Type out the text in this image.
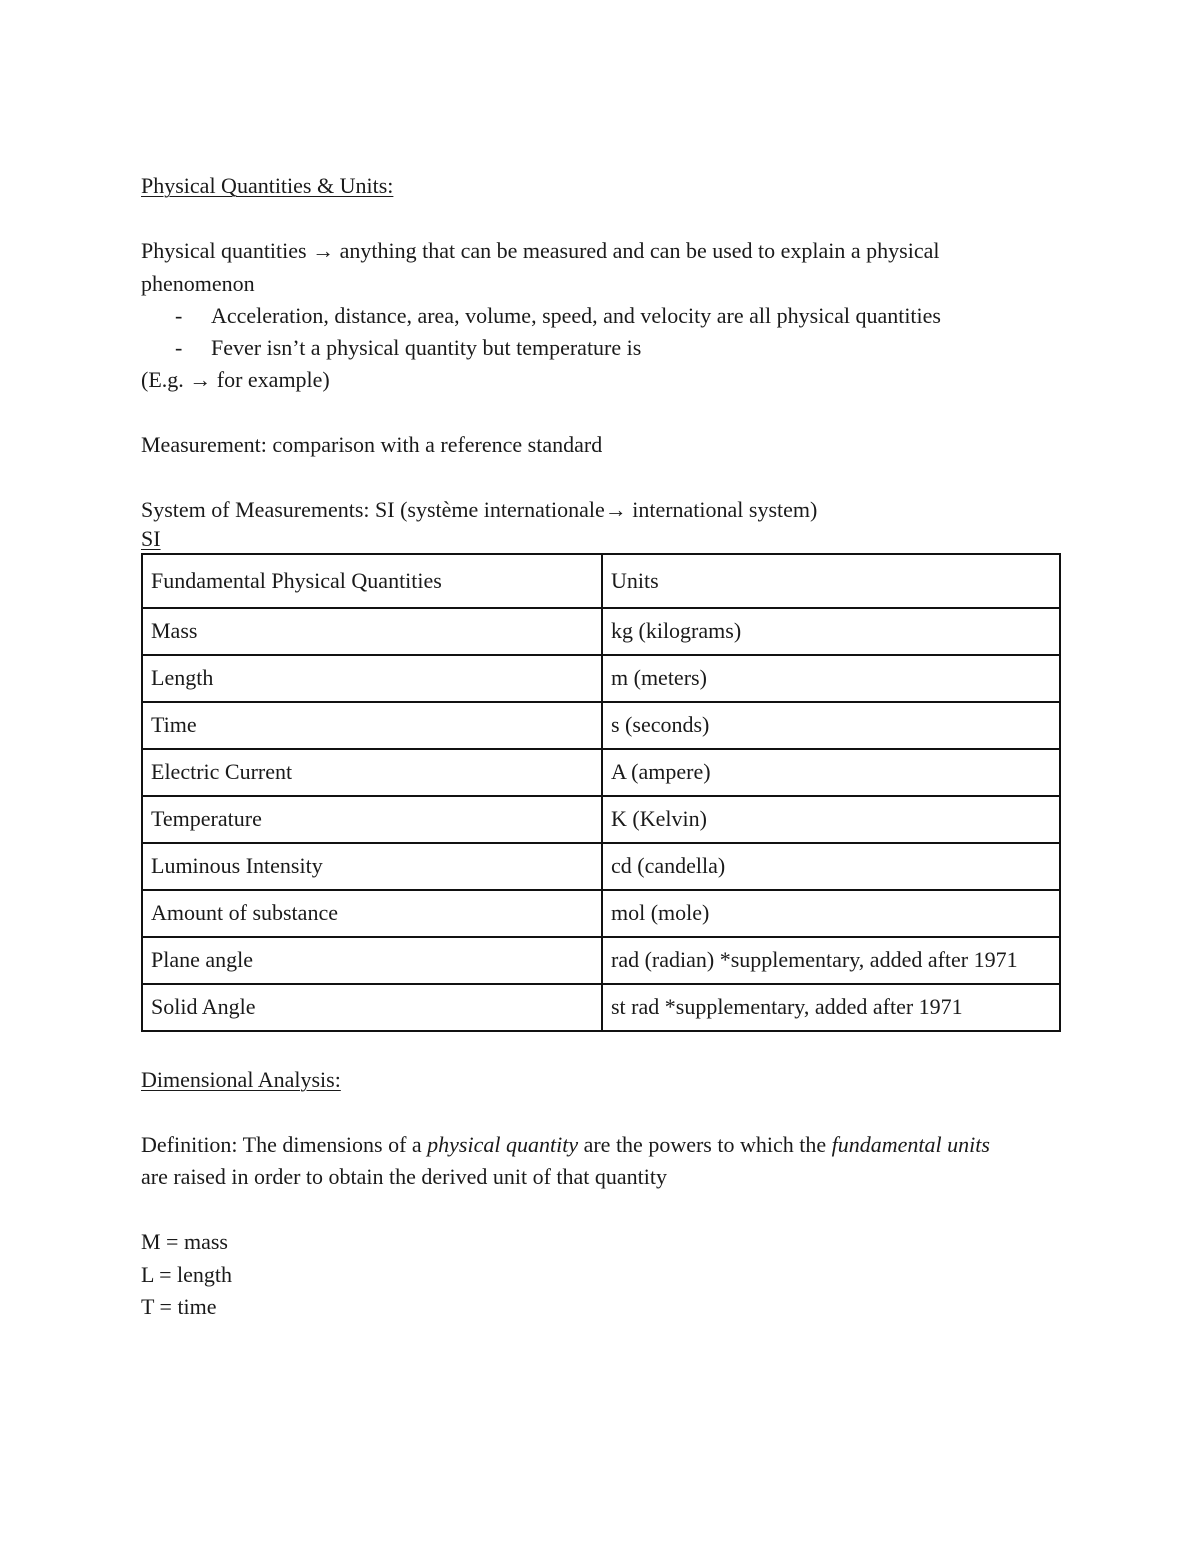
Physical Quantities & Units:
Physical quantities → anything that can be measured and can be used to explain a physical
phenomenon
-	Acceleration, distance, area, volume, speed, and velocity are all physical quantities
-	Fever isn’t a physical quantity but temperature is
(E.g. → for example)
Measurement: comparison with a reference standard
System of Measurements: SI (système internationale→ international system)
SI
Fundamental Physical Quantities	Units
Mass	kg (kilograms)
Length	m (meters)
Time	s (seconds)
Electric Current	A (ampere)
Temperature	K (Kelvin)
Luminous Intensity	cd (candella)
Amount of substance	mol (mole)
Plane angle	rad (radian) *supplementary, added after 1971
Solid Angle	st rad *supplementary, added after 1971
Dimensional Analysis:
Definition: The dimensions of a physical quantity are the powers to which the fundamental units
are raised in order to obtain the derived unit of that quantity
M = mass
L = length
T = time
